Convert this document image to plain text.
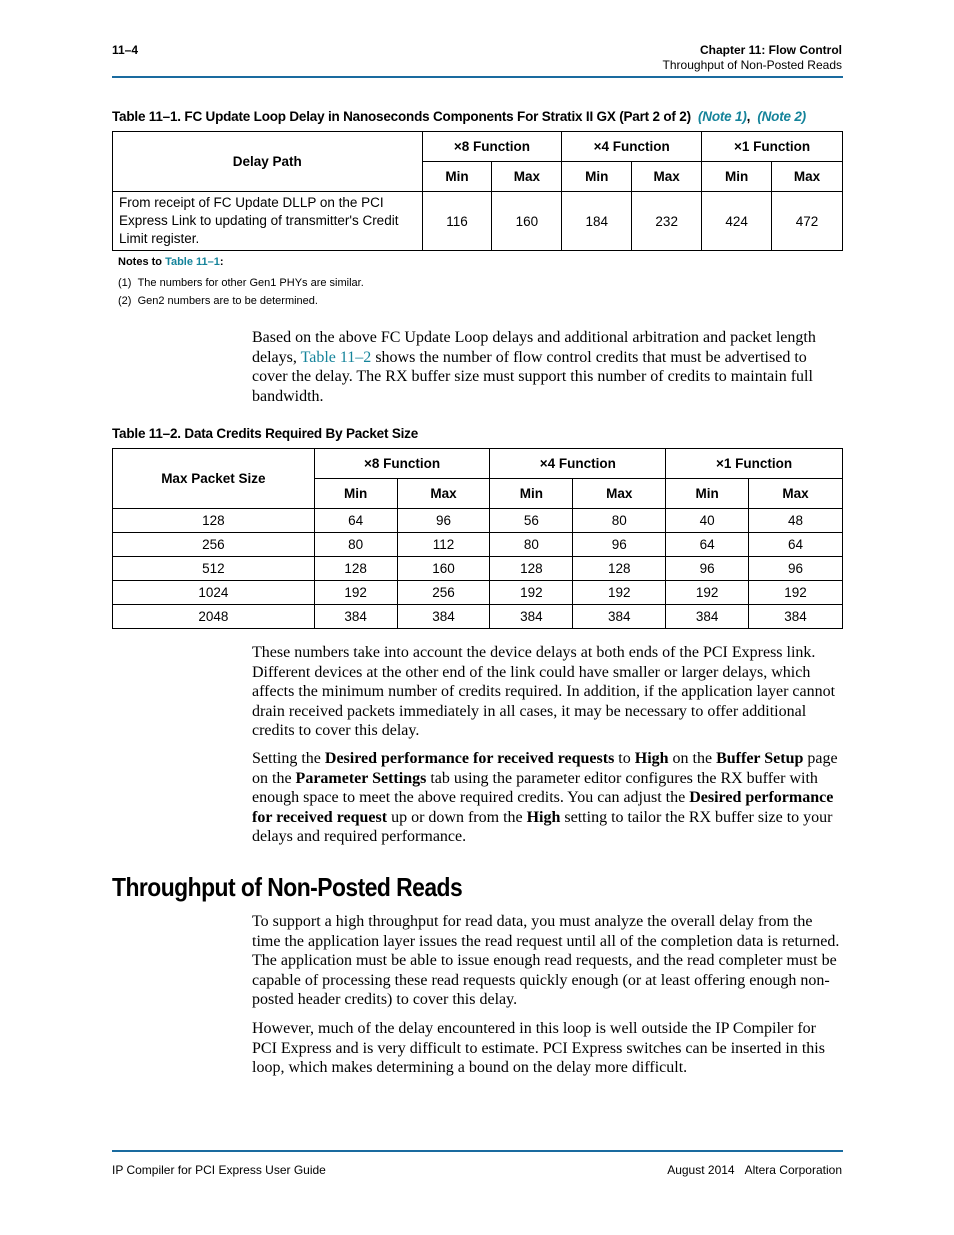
11–4	Chapter 11: Flow Control
Throughput of Non-Posted Reads
Table 11–1. FC Update Loop Delay in Nanoseconds Components For Stratix II GX (Part 2 of 2) (Note 1), (Note 2)
Delay Path	×8 Function		×4 Function		×1 Function	
	Min	Max	Min	Max	Min	Max
From receipt of FC Update DLLP on the PCI Express Link to updating of transmitter's Credit Limit register.	116	160	184	232	424	472
Notes to Table 11–1:
(1) The numbers for other Gen1 PHYs are similar.
(2) Gen2 numbers are to be determined.

Based on the above FC Update Loop delays and additional arbitration and packet length delays, Table 11–2 shows the number of flow control credits that must be advertised to cover the delay. The RX buffer size must support this number of credits to maintain full bandwidth.

Table 11–2. Data Credits Required By Packet Size
Max Packet Size	×8 Function		×4 Function		×1 Function	
	Min	Max	Min	Max	Min	Max
128	64	96	56	80	40	48
256	80	112	80	96	64	64
512	128	160	128	128	96	96
1024	192	256	192	192	192	192
2048	384	384	384	384	384	384

These numbers take into account the device delays at both ends of the PCI Express link. Different devices at the other end of the link could have smaller or larger delays, which affects the minimum number of credits required. In addition, if the application layer cannot drain received packets immediately in all cases, it may be necessary to offer additional credits to cover this delay.

Setting the Desired performance for received requests to High on the Buffer Setup page on the Parameter Settings tab using the parameter editor configures the RX buffer with enough space to meet the above required credits. You can adjust the Desired performance for received request up or down from the High setting to tailor the RX buffer size to your delays and required performance.

Throughput of Non-Posted Reads

To support a high throughput for read data, you must analyze the overall delay from the time the application layer issues the read request until all of the completion data is returned. The application must be able to issue enough read requests, and the read completer must be capable of processing these read requests quickly enough (or at least offering enough non-posted header credits) to cover this delay.

However, much of the delay encountered in this loop is well outside the IP Compiler for PCI Express and is very difficult to estimate. PCI Express switches can be inserted in this loop, which makes determining a bound on the delay more difficult.

IP Compiler for PCI Express User Guide	August 2014 Altera Corporation
